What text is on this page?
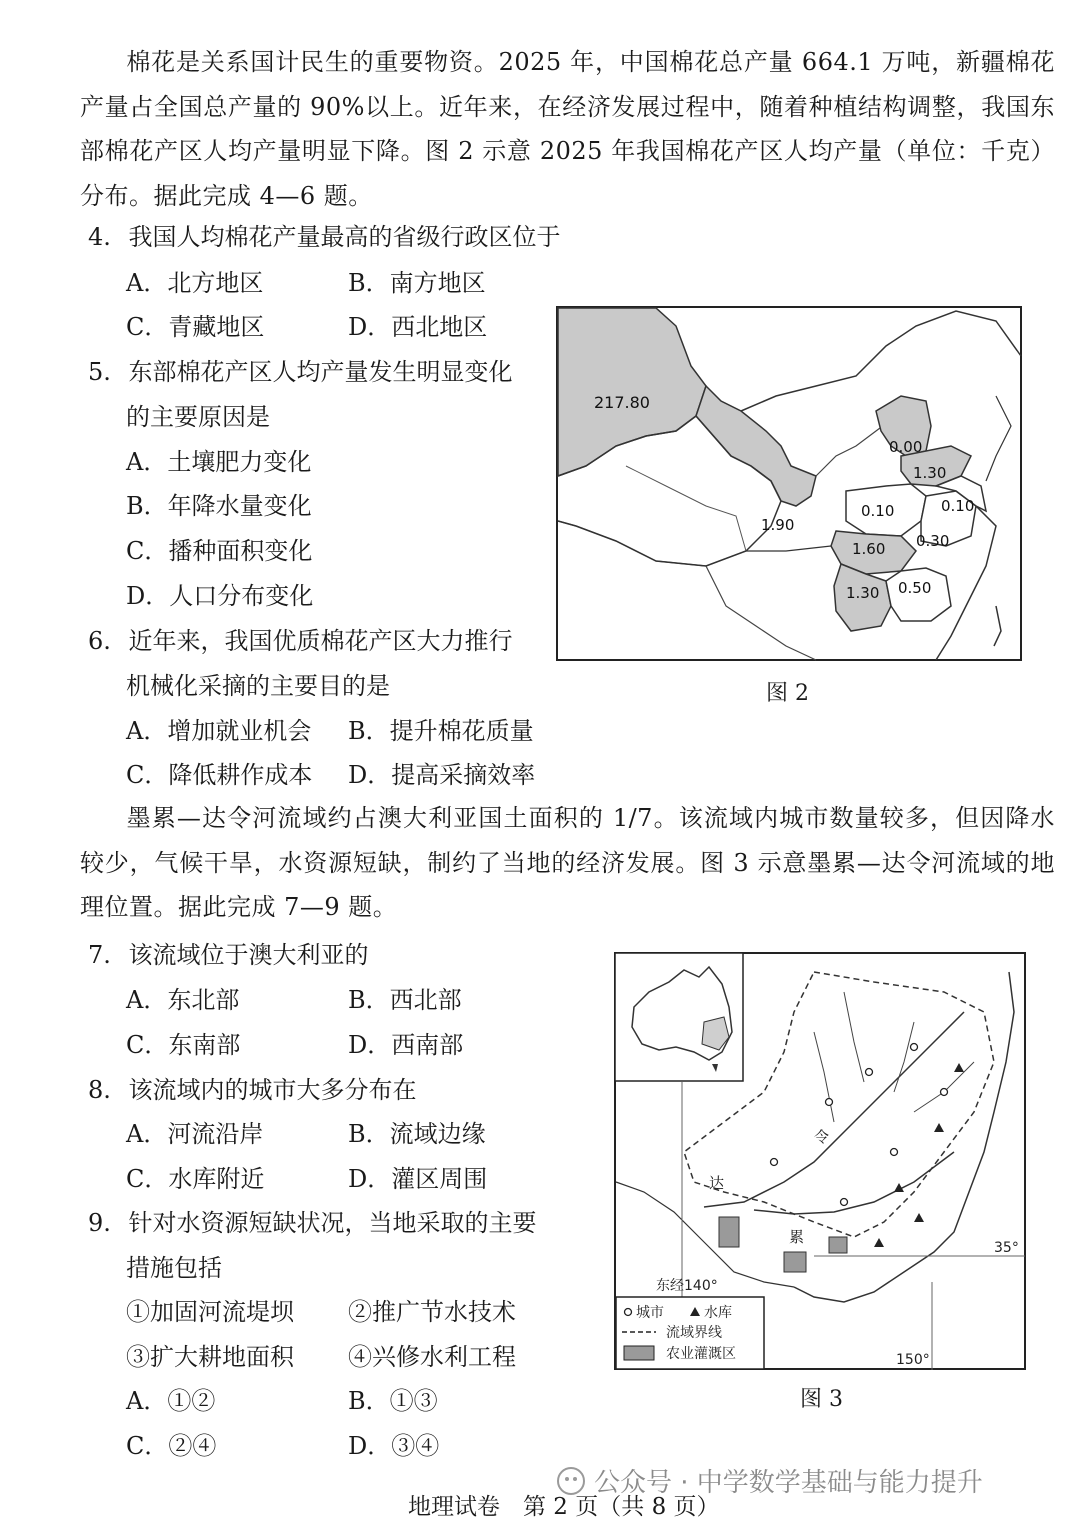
棉花是关系国计民生的重要物资。2025 年，中国棉花总产量 664.1 万吨，新疆棉花产量占全国总产量的 90%以上。近年来，在经济发展过程中，随着种植结构调整，我国东部棉花产区人均产量明显下降。图 2 示意 2025 年我国棉花产区人均产量（单位：千克）分布。据此完成 4—6 题。
4. 我国人均棉花产量最高的省级行政区位于
A．北方地区	B．南方地区
C．青藏地区	D．西北地区
5. 东部棉花产区人均产量发生明显变化
的主要原因是
A．土壤肥力变化
B．年降水量变化
C．播种面积变化
D．人口分布变化
6. 近年来，我国优质棉花产区大力推行
机械化采摘的主要目的是
A．增加就业机会 B．提升棉花质量
C．降低耕作成本 D．提高采摘效率
217.80
1.90
0.00
1.30
0.10	0.10
0.30
1.60
1.30 0.50
图 2
墨累—达令河流域约占澳大利亚国土面积的 1/7。该流域内城市数量较多，但因降水较少，气候干旱，水资源短缺，制约了当地的经济发展。图 3 示意墨累—达令河流域的地理位置。据此完成 7—9 题。
7. 该流域位于澳大利亚的
A．东北部	B．西北部
C．东南部	D．西南部
8. 该流域内的城市大多分布在
A．河流沿岸	B．流域边缘
C．水库附近	D．灌区周围
9. 针对水资源短缺状况，当地采取的主要
措施包括
①加固河流堤坝 ②推广节水技术
③扩大耕地面积 ④兴修水利工程
A．①②	B．①③
C．②④	D．③④
令
达
累
东经140°
150°
35°
城市	水库
流域界线
农业灌溉区
图 3
公众号 · 中学数学基础与能力提升
地理试卷　第 2 页（共 8 页）
